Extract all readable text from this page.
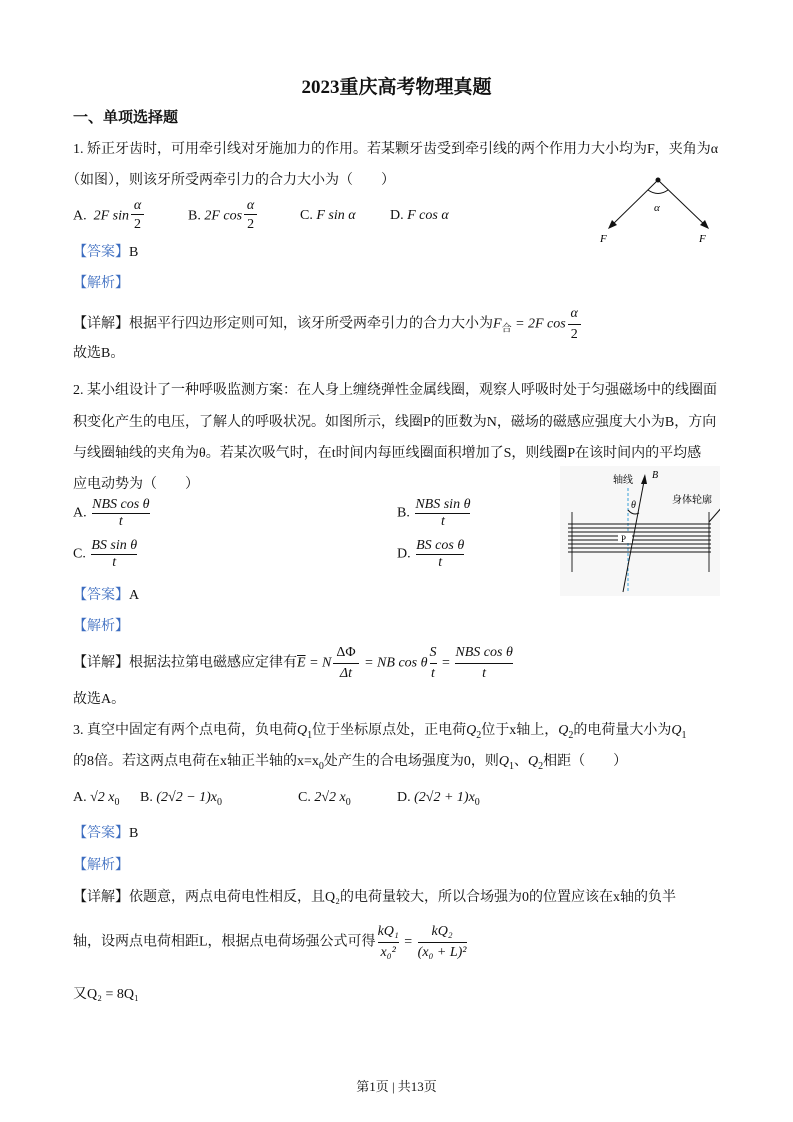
2023重庆高考物理真题
一、单项选择题
1. 矫正牙齿时，可用牵引线对牙施加力的作用。若某颗牙齿受到牵引线的两个作用力大小均为F，夹角为α
（如图），则该牙所受两牵引力的合力大小为（　　）
A. 2F $\sin \frac{\alpha}{2}$	B. 2F $\cos \frac{\alpha}{2}$	C. F sin α D. F cos α	α
F	F
【答案】B
【解析】
【详解】根据平行四边形定则可知，该牙所受两牵引力的合力大小为$F_合 = 2F$ $\cos \frac{\alpha}{2}$
故选B。
2. 某小组设计了一种呼吸监测方案：在人身上缠绕弹性金属线圈，观察人呼吸时处于匀强磁场中的线圈面
积变化产生的电压，了解人的呼吸状况。如图所示，线圈P的匝数为N，磁场的磁感应强度大小为B，方向
与线圈轴线的夹角为θ。若某次吸气时，在t时间内每匝线圈面积增加了S，则线圈P在该时间内的平均感
应电动势为（　　）
A. $\frac{\text{NBS cos θ}}{t}$	B. $\frac{\text{NBS sin θ}}{t}$
C. $\frac{\text{BS sin θ}}{t}$	D. $\frac{\text{BS cos θ}}{t}$	P
轴线 B
θ	身体轮廓
【答案】A
【解析】
【详解】根据法拉第电磁感应定律有$\overline{E} = N \frac{\Delta\Phi}{\Delta t}$ = NB cos θ $\frac{S}{t} = \frac{\text{NBS cos θ}}{t}$
故选A。
3. 真空中固定有两个点电荷，负电荷$Q_1$位于坐标原点处，正电荷$Q_2$位于x轴上，$Q_2$的电荷量大小为$Q_1$
的8倍。若这两点电荷在x轴正半轴的$x=x_0$处产生的合电场强度为0，则$Q_1$、$Q_2$相距（　　）
A. √2 $x_0$ B. $(2√2 - 1)x_0$	C. 2√2 $x_0$	D. $(2√2 + 1)x_0$
【答案】B
【解析】
【详解】依题意，两点电荷电性相反，且Q₂的电荷量较大，所以合场强为0的位置应该在x轴的负半
轴，设两点电荷相距L，根据点电荷场强公式可得 $\frac{\text{kQ₁}}{\text{x₀²}} = \frac{\text{kQ₂}}{\text{(x₀ + L)²}}$
又Q₂ = 8Q₁
第1页 | 共13页
